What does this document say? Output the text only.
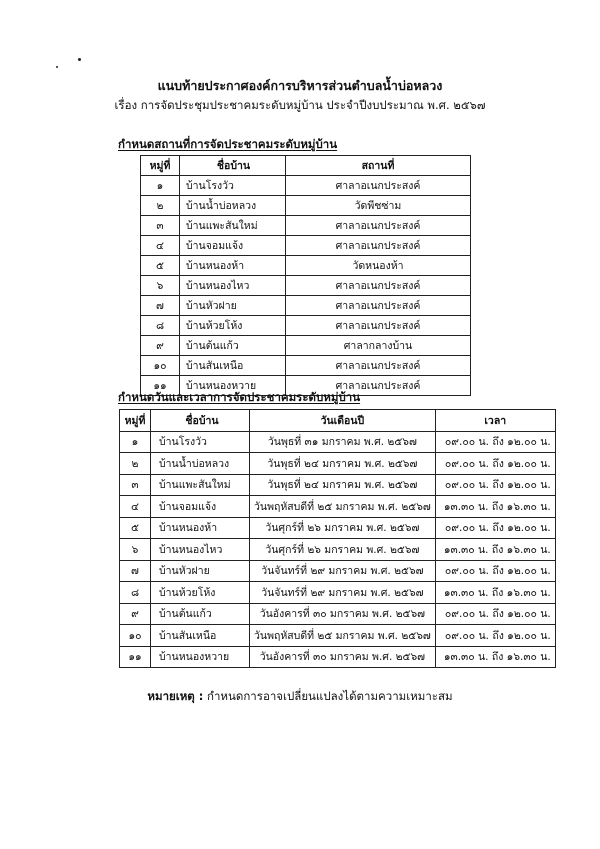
แนบท้ายประกาศองค์การบริหารส่วนตำบลน้ำบ่อหลวง
เรื่อง การจัดประชุมประชาคมระดับหมู่บ้าน ประจำปีงบประมาณ พ.ศ. ๒๕๖๗
กำหนดสถานที่การจัดประชาคมระดับหมู่บ้าน
หมู่ที่	ชื่อบ้าน	สถานที่
๑	บ้านโรงวัว	ศาลาอเนกประสงค์
๒	บ้านน้ำบ่อหลวง	วัดพีชซ่าม
๓	บ้านแพะสันใหม่	ศาลาอเนกประสงค์
๔	บ้านจอมแจ้ง	ศาลาอเนกประสงค์
๕	บ้านหนองห้า	วัดหนองห้า
๖	บ้านหนองไหว	ศาลาอเนกประสงค์
๗	บ้านหัวฝาย	ศาลาอเนกประสงค์
๘	บ้านห้วยโห้ง	ศาลาอเนกประสงค์
๙	บ้านต้นแก้ว	ศาลากลางบ้าน
๑๐	บ้านสันเหนือ	ศาลาอเนกประสงค์
๑๑	บ้านหนองหวาย	ศาลาอเนกประสงค์
กำหนดวันและเวลาการจัดประชาคมระดับหมู่บ้าน
หมู่ที่	ชื่อบ้าน	วันเดือนปี	เวลา
๑	บ้านโรงวัว	วันพุธที่ ๓๑ มกราคม พ.ศ. ๒๕๖๗	๐๙.๐๐ น. ถึง ๑๒.๐๐ น.
๒	บ้านน้ำบ่อหลวง	วันพุธที่ ๒๔ มกราคม พ.ศ. ๒๕๖๗	๐๙.๐๐ น. ถึง ๑๒.๐๐ น.
๓	บ้านแพะสันใหม่	วันพุธที่ ๒๔ มกราคม พ.ศ. ๒๕๖๗	๐๙.๐๐ น. ถึง ๑๒.๐๐ น.
๔	บ้านจอมแจ้ง	วันพฤหัสบดีที่ ๒๕ มกราคม พ.ศ. ๒๕๖๗	๑๓.๓๐ น. ถึง ๑๖.๓๐ น.
๕	บ้านหนองห้า	วันศุกร์ที่ ๒๖ มกราคม พ.ศ. ๒๕๖๗	๐๙.๐๐ น. ถึง ๑๒.๐๐ น.
๖	บ้านหนองไหว	วันศุกร์ที่ ๒๖ มกราคม พ.ศ. ๒๕๖๗	๑๓.๓๐ น. ถึง ๑๖.๓๐ น.
๗	บ้านหัวฝาย	วันจันทร์ที่ ๒๙ มกราคม พ.ศ. ๒๕๖๗	๐๙.๐๐ น. ถึง ๑๒.๐๐ น.
๘	บ้านห้วยโห้ง	วันจันทร์ที่ ๒๙ มกราคม พ.ศ. ๒๕๖๗	๑๓.๓๐ น. ถึง ๑๖.๓๐ น.
๙	บ้านต้นแก้ว	วันอังคารที่ ๓๐ มกราคม พ.ศ. ๒๕๖๗	๐๙.๐๐ น. ถึง ๑๒.๐๐ น.
๑๐	บ้านสันเหนือ	วันพฤหัสบดีที่ ๒๕ มกราคม พ.ศ. ๒๕๖๗	๐๙.๐๐ น. ถึง ๑๒.๐๐ น.
๑๑	บ้านหนองหวาย	วันอังคารที่ ๓๐ มกราคม พ.ศ. ๒๕๖๗	๑๓.๓๐ น. ถึง ๑๖.๓๐ น.
หมายเหตุ : กำหนดการอาจเปลี่ยนแปลงได้ตามความเหมาะสม
